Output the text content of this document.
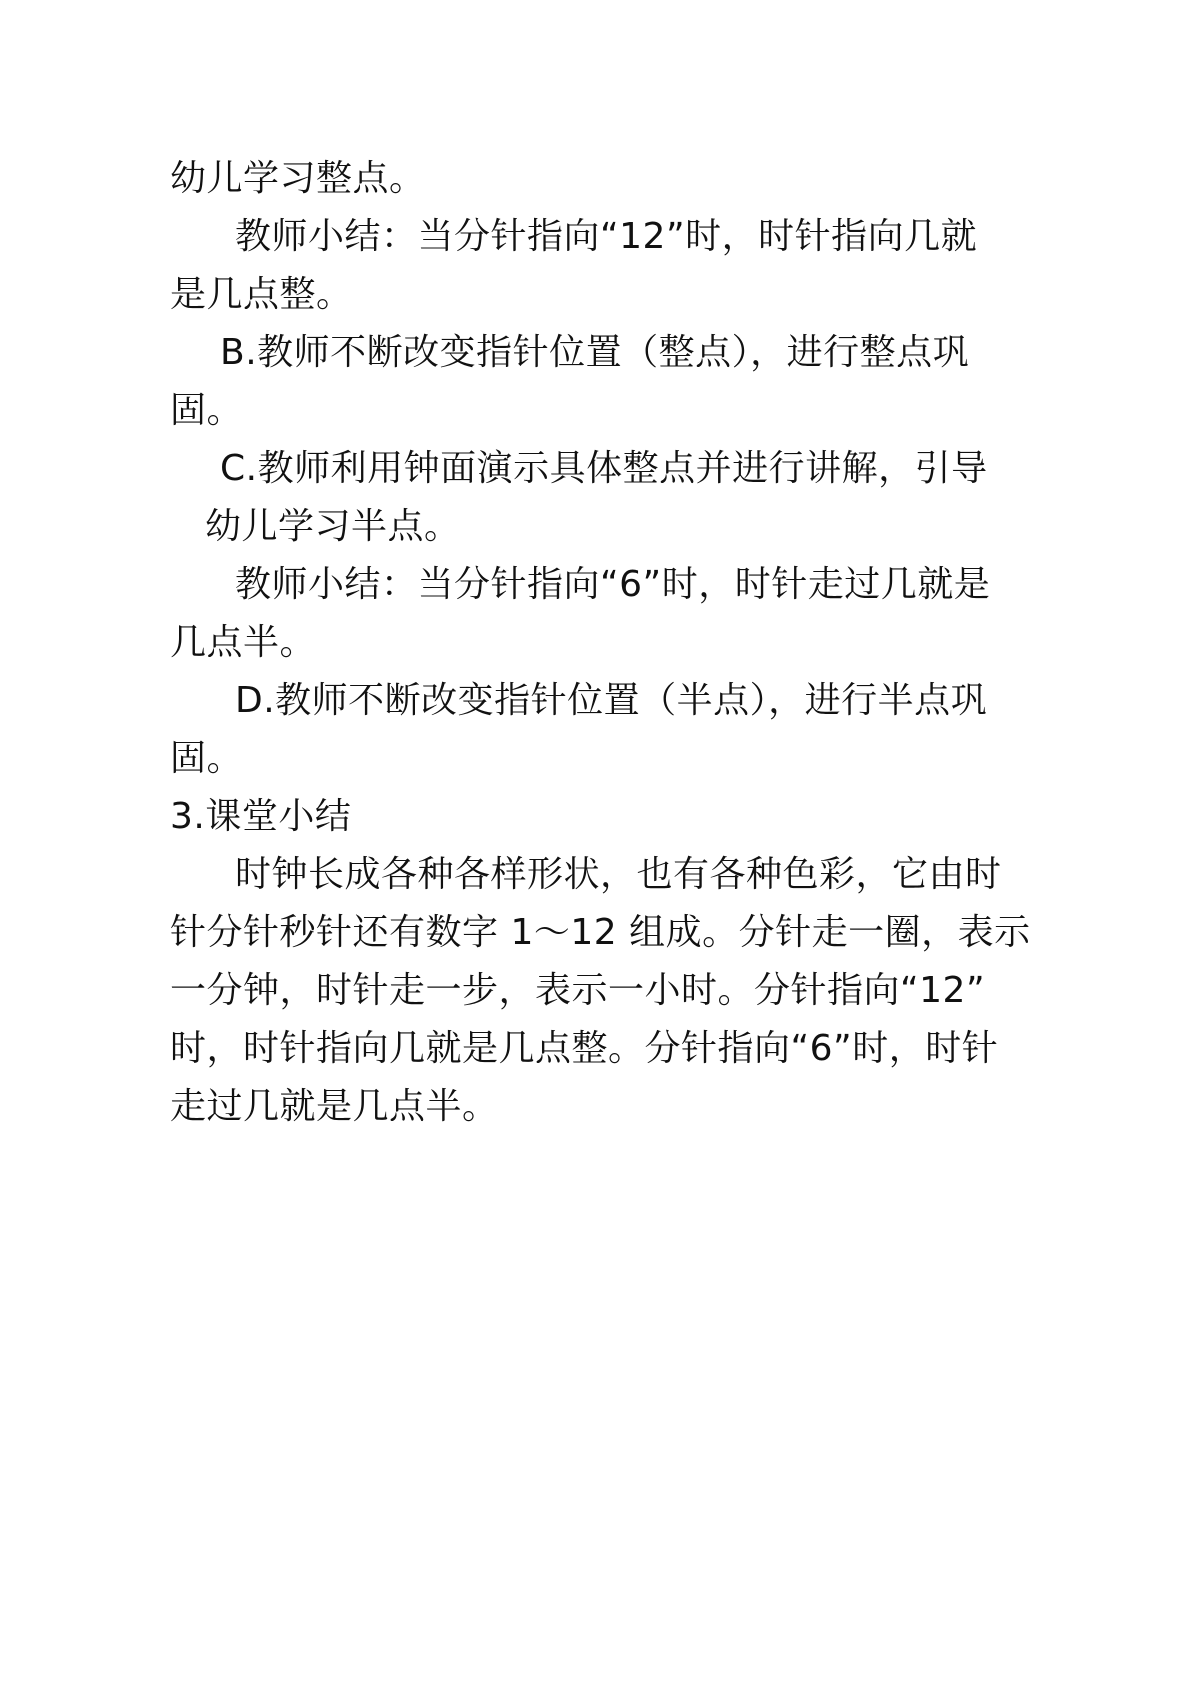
幼儿学习整点。
教师小结：当分针指向“12”时，时针指向几就
是几点整。
B.教师不断改变指针位置（整点），进行整点巩
固。
C.教师利用钟面演示具体整点并进行讲解，引导
幼儿学习半点。
教师小结：当分针指向“6”时，时针走过几就是
几点半。
D.教师不断改变指针位置（半点），进行半点巩
固。
3.课堂小结
时钟长成各种各样形状，也有各种色彩，它由时
针分针秒针还有数字 1～12 组成。分针走一圈，表示
一分钟，时针走一步，表示一小时。分针指向“12”
时，时针指向几就是几点整。分针指向“6”时，时针
走过几就是几点半。
